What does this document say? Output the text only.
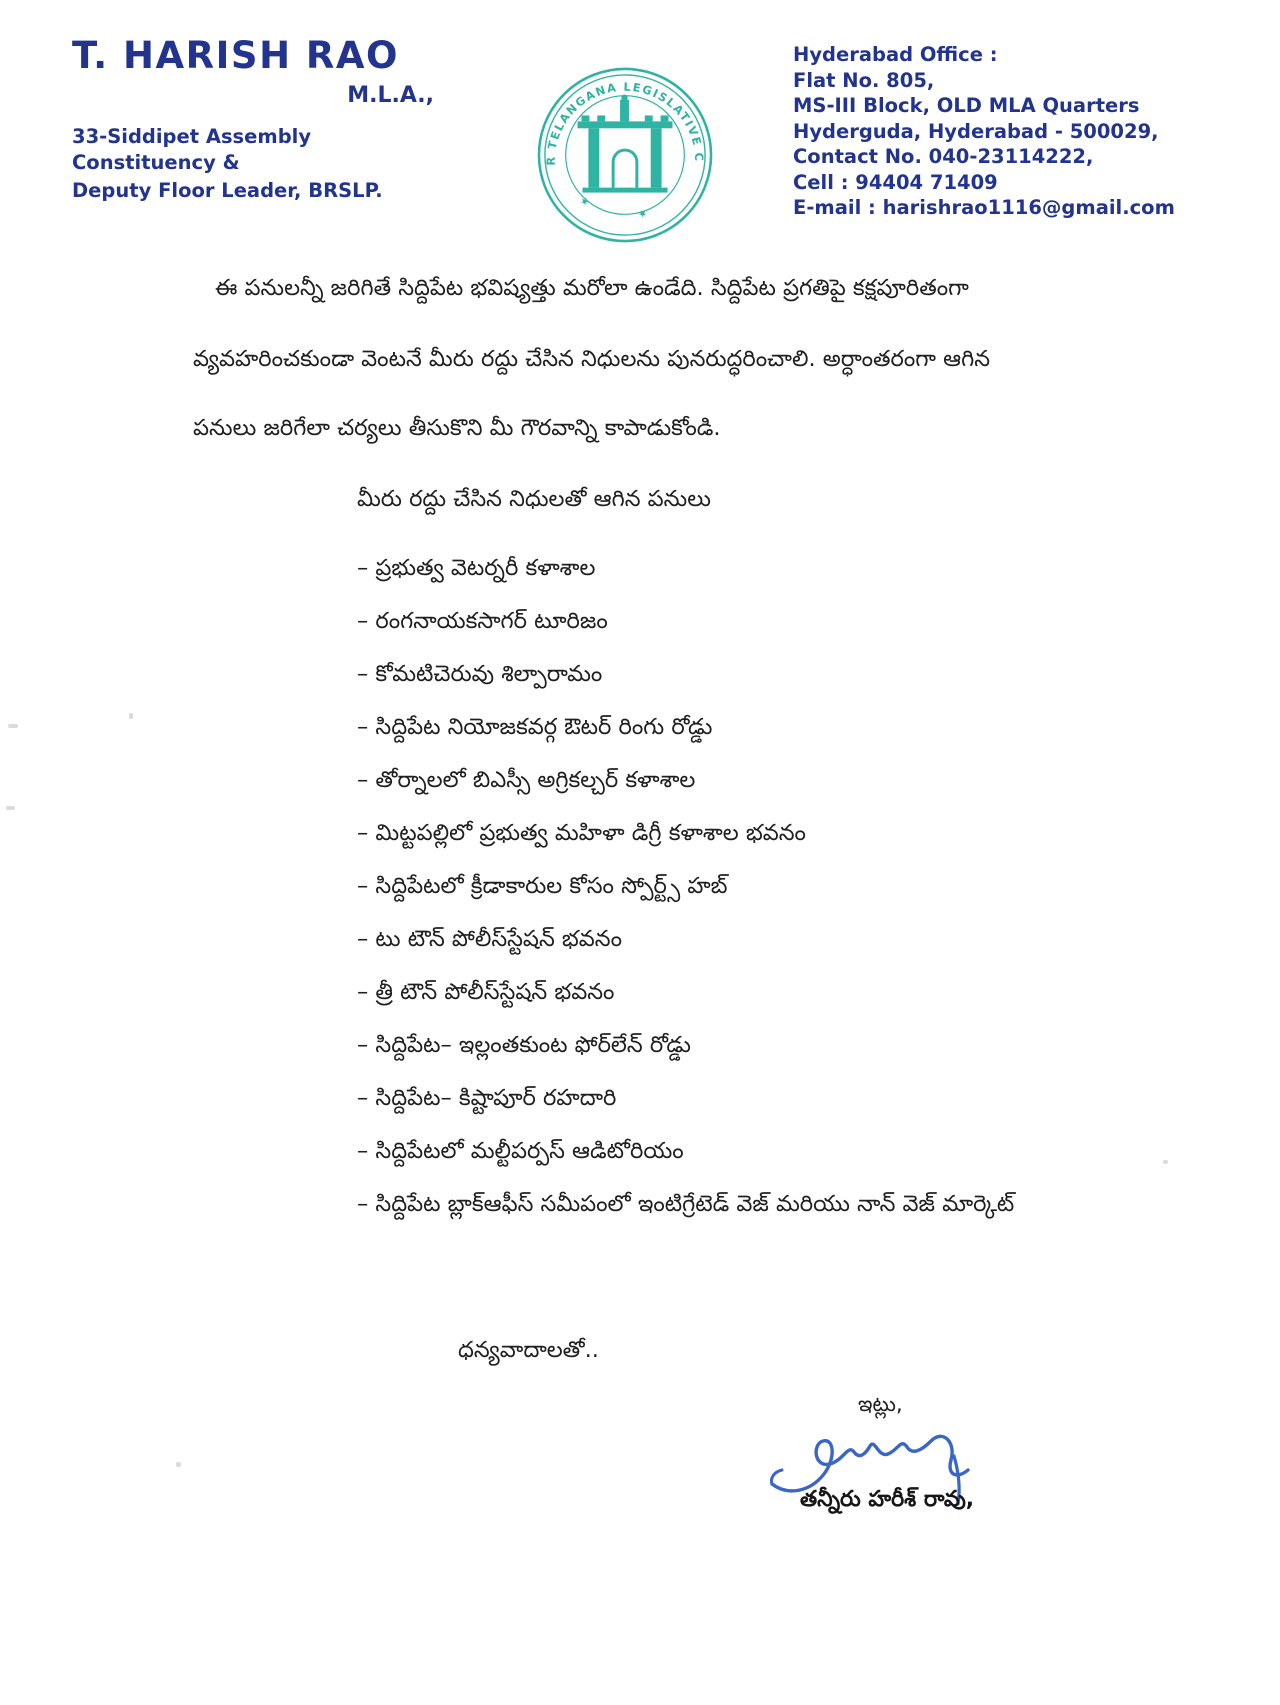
T. HARISH RAO
M.L.A.,
33-Siddipet Assembly Constituency &
Deputy Floor Leader, BRSLP.
R TELANGANA LEGISLATIVE C
★ ★
Hyderabad Office :
Flat No. 805,
MS-III Block, OLD MLA Quarters
Hyderguda, Hyderabad - 500029,
Contact No. 040-23114222,
Cell : 94404 71409
E-mail : harishrao1116@gmail.com
ఈ పనులన్నీ జరిగితే సిద్దిపేట భవిష్యత్తు మరోలా ఉండేది. సిద్దిపేట ప్రగతిపై కక్షపూరితంగా
వ్యవహరించకుండా వెంటనే మీరు రద్దు చేసిన నిధులను పునరుద్ధరించాలి. అర్ధాంతరంగా ఆగిన
పనులు జరిగేలా చర్యలు తీసుకొని మీ గౌరవాన్ని కాపాడుకోండి.
మీరు రద్దు చేసిన నిధులతో ఆగిన పనులు
– ప్రభుత్వ వెటర్నరీ కళాశాల
– రంగనాయకసాగర్ టూరిజం
– కోమటిచెరువు శిల్పారామం
– సిద్దిపేట నియోజకవర్గ ఔటర్ రింగు రోడ్డు
– తోర్నాలలో బిఎస్సీ అగ్రికల్చర్ కళాశాల
– మిట్టపల్లిలో ప్రభుత్వ మహిళా డిగ్రీ కళాశాల భవనం
– సిద్దిపేటలో క్రీడాకారుల కోసం స్పోర్ట్స్ హబ్
– టు టౌన్ పోలీస్‌స్టేషన్ భవనం
– త్రీ టౌన్ పోలీస్‌స్టేషన్ భవనం
– సిద్దిపేట– ఇల్లంతకుంట ఫోర్‌లేన్ రోడ్డు
– సిద్దిపేట– కిష్టాపూర్ రహదారి
– సిద్దిపేటలో మల్టీపర్పస్ ఆడిటోరియం
– సిద్దిపేట బ్లాక్‌ఆఫీస్ సమీపంలో ఇంటిగ్రేటెడ్ వెజ్ మరియు నాన్ వెజ్ మార్కెట్
ధన్యవాదాలతో..
ఇట్లు,
తన్నీరు హరీశ్ రావు,
